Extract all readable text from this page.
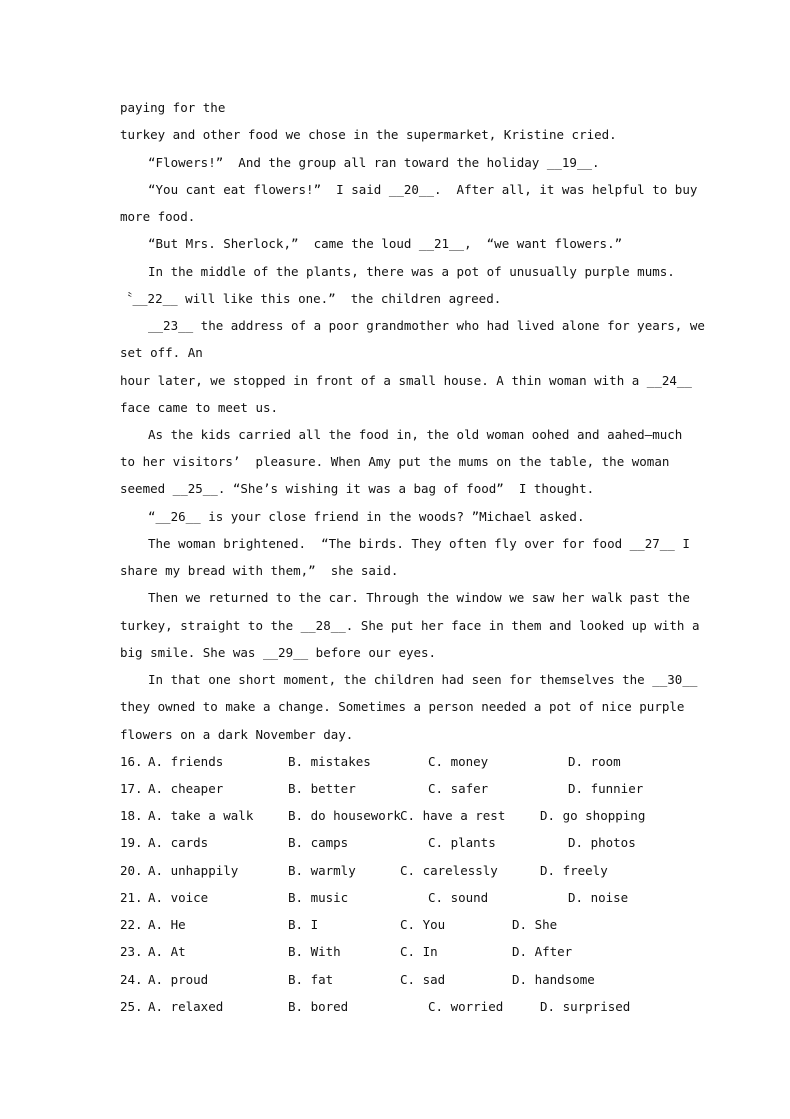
paying for the
turkey and other food we chose in the supermarket, Kristine cried.
“Flowers!”  And the group all ran toward the holiday __19__.
“You cant eat flowers!”  I said __20__.  After all, it was helpful to buy
more food.
“But Mrs. Sherlock,”  came the loud __21__,  “we want flowers.”
In the middle of the plants, there was a pot of unusually purple mums.
〝__22__ will like this one.”  the children agreed.
__23__ the address of a poor grandmother who had lived alone for years, we
set off. An
hour later, we stopped in front of a small house. A thin woman with a __24__
face came to meet us.
As the kids carried all the food in, the old woman oohed and aahed—much
to her visitors’  pleasure. When Amy put the mums on the table, the woman
seemed __25__. “She’s wishing it was a bag of food”  I thought.
“__26__ is your close friend in the woods? ”Michael asked.
The woman brightened.  “The birds. They often fly over for food __27__ I
share my bread with them,”  she said.
Then we returned to the car. Through the window we saw her walk past the
turkey, straight to the __28__. She put her face in them and looked up with a
big smile. She was __29__ before our eyes.
In that one short moment, the children had seen for themselves the __30__
they owned to make a change. Sometimes a person needed a pot of nice purple
flowers on a dark November day.
16. A. friends	B. mistakes	C. money	D. room
17. A. cheaper	B. better	C. safer	D. funnier
18. A. take a walk	B. do housework C. have a rest	D. go shopping
19. A. cards	B. camps	C. plants	D. photos
20. A. unhappily	B. warmly	C. carelessly	D. freely
21. A. voice	B. music	C. sound	D. noise
22. A. He	B. I	C. You	D. She
23. A. At	B. With	C. In	D. After
24. A. proud	B. fat	C. sad	D. handsome
25. A. relaxed	B. bored	C. worried	D. surprised
